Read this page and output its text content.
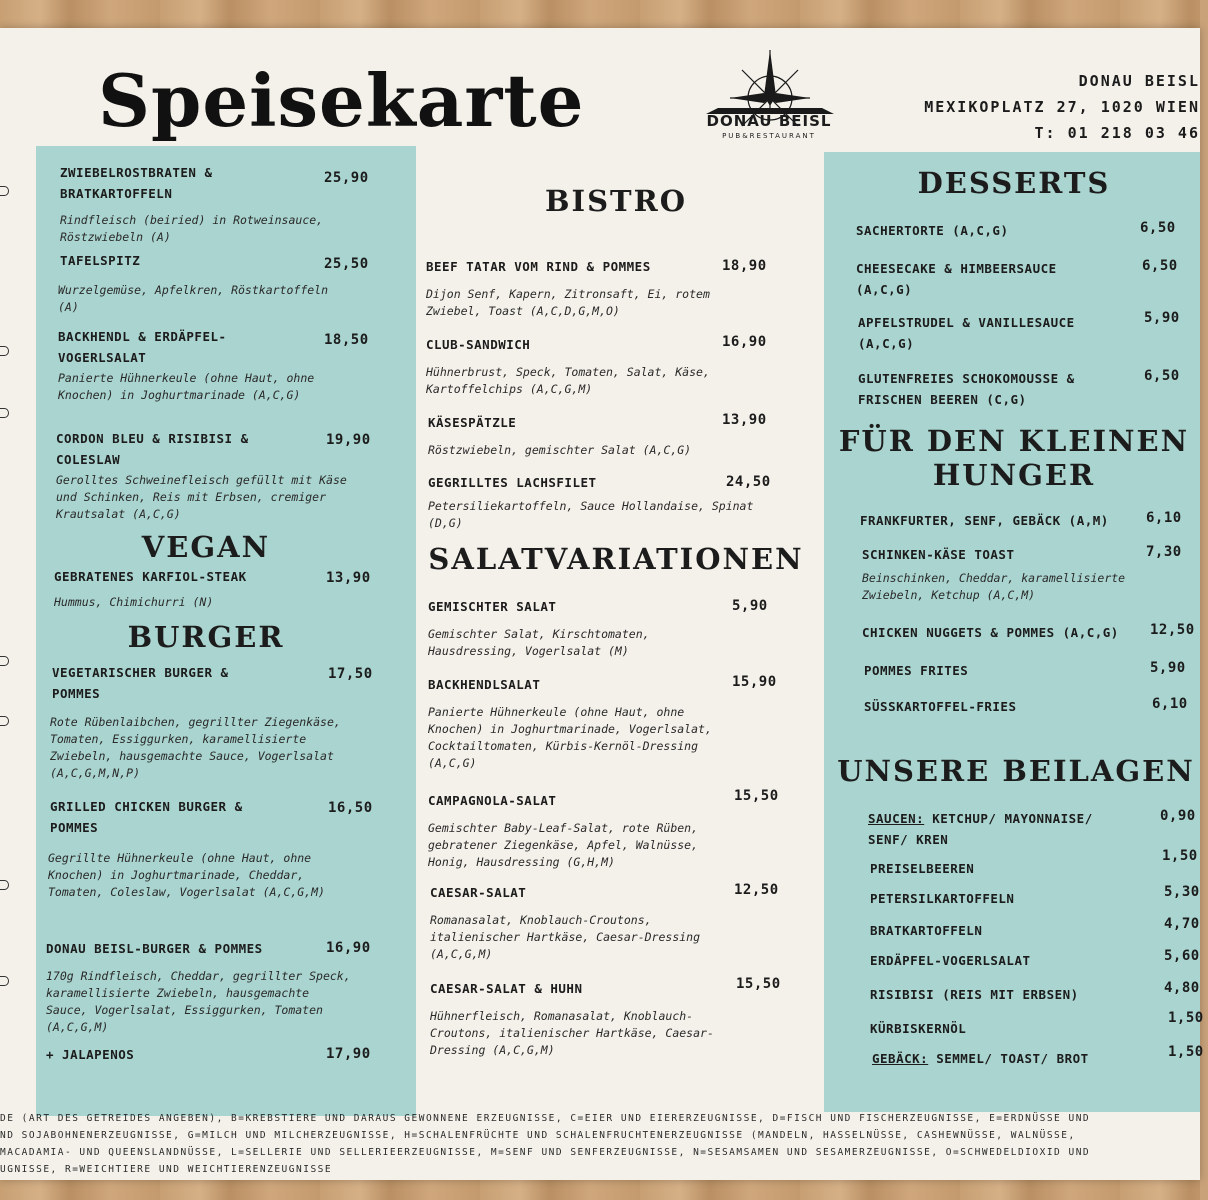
Speisekarte	DONAU BEISL
PUB&RESTAURANT
DONAU BEISL
MEXIKOPLATZ 27, 1020 WIEN
T: 01 218 03 46
ZWIEBELROSTBRATEN &
BRATKARTOFFELN
25,90
Rindfleisch (beiried) in Rotweinsauce,
Röstzwiebeln (A)
TAFELSPITZ	25,50
Wurzelgemüse, Apfelkren, Röstkartoffeln
(A)
BACKHENDL & ERDÄPFEL-
VOGERLSALAT
18,50
Panierte Hühnerkeule (ohne Haut, ohne
Knochen) in Joghurtmarinade (A,C,G)
CORDON BLEU & RISIBISI &
COLESLAW
19,90
Gerolltes Schweinefleisch gefüllt mit Käse
und Schinken, Reis mit Erbsen, cremiger
Krautsalat (A,C,G)
VEGAN
GEBRATENES KARFIOL-STEAK	13,90
Hummus, Chimichurri (N)
BURGER
VEGETARISCHER BURGER &
POMMES
17,50
Rote Rübenlaibchen, gegrillter Ziegenkäse,
Tomaten, Essiggurken, karamellisierte
Zwiebeln, hausgemachte Sauce, Vogerlsalat
(A,C,G,M,N,P)
GRILLED CHICKEN BURGER &
POMMES
16,50
Gegrillte Hühnerkeule (ohne Haut, ohne
Knochen) in Joghurtmarinade, Cheddar,
Tomaten, Coleslaw, Vogerlsalat (A,C,G,M)
DONAU BEISL-BURGER & POMMES	16,90
170g Rindfleisch, Cheddar, gegrillter Speck,
karamellisierte Zwiebeln, hausgemachte
Sauce, Vogerlsalat, Essiggurken, Tomaten
(A,C,G,M)
+ JALAPENOS	17,90
BISTRO
BEEF TATAR VOM RIND & POMMES	18,90
Dijon Senf, Kapern, Zitronsaft, Ei, rotem
Zwiebel, Toast (A,C,D,G,M,O)
CLUB-SANDWICH	16,90
Hühnerbrust, Speck, Tomaten, Salat, Käse,
Kartoffelchips (A,C,G,M)
KÄSESPÄTZLE	13,90
Röstzwiebeln, gemischter Salat (A,C,G)
GEGRILLTES LACHSFILET	24,50
Petersiliekartoffeln, Sauce Hollandaise, Spinat
(D,G)
SALATVARIATIONEN
GEMISCHTER SALAT	5,90
Gemischter Salat, Kirschtomaten,
Hausdressing, Vogerlsalat (M)
BACKHENDLSALAT	15,90
Panierte Hühnerkeule (ohne Haut, ohne
Knochen) in Joghurtmarinade, Vogerlsalat,
Cocktailtomaten, Kürbis-Kernöl-Dressing
(A,C,G)
CAMPAGNOLA-SALAT	15,50
Gemischter Baby-Leaf-Salat, rote Rüben,
gebratener Ziegenkäse, Apfel, Walnüsse,
Honig, Hausdressing (G,H,M)
CAESAR-SALAT	12,50
Romanasalat, Knoblauch-Croutons,
italienischer Hartkäse, Caesar-Dressing
(A,C,G,M)
CAESAR-SALAT & HUHN	15,50
Hühnerfleisch, Romanasalat, Knoblauch-
Croutons, italienischer Hartkäse, Caesar-
Dressing (A,C,G,M)
DESSERTS
SACHERTORTE (A,C,G)	6,50
CHEESECAKE & HIMBEERSAUCE
(A,C,G)
6,50
APFELSTRUDEL & VANILLESAUCE
(A,C,G)
5,90
GLUTENFREIES SCHOKOMOUSSE &
FRISCHEN BEEREN (C,G)
6,50
FÜR DEN KLEINEN
HUNGER
FRANKFURTER, SENF, GEBÄCK (A,M)	6,10
SCHINKEN-KÄSE TOAST	7,30
Beinschinken, Cheddar, karamellisierte
Zwiebeln, Ketchup (A,C,M)
CHICKEN NUGGETS & POMMES (A,C,G) 12,50
POMMES FRITES	5,90
SÜSSKARTOFFEL-FRIES	6,10
UNSERE BEILAGEN
SAUCEN: KETCHUP/ MAYONNAISE/
SENF/ KREN
0,90
PREISELBEEREN
1,50
PETERSILKARTOFFELN	5,30
BRATKARTOFFELN	4,70
ERDÄPFEL-VOGERLSALAT	5,60
RISIBISI (REIS MIT ERBSEN)	4,80
KÜRBISKERNÖL
1,50
GEBÄCK: SEMMEL/ TOAST/ BROT	1,50
DE (ART DES GETREIDES ANGEBEN), B=KREBSTIERE UND DARAUS GEWONNENE ERZEUGNISSE, C=EIER UND EIERERZEUGNISSE, D=FISCH UND FISCHERZEUGNISSE, E=ERDNÜSSE UND
ND SOJABOHNENERZEUGNISSE, G=MILCH UND MILCHERZEUGNISSE, H=SCHALENFRÜCHTE UND SCHALENFRUCHTENERZEUGNISSE (MANDELN, HASSELNÜSSE, CASHEWNÜSSE, WALNÜSSE,
MACADAMIA- UND QUEENSLANDNÜSSE, L=SELLERIE UND SELLERIEERZEUGNISSE, M=SENF UND SENFERZEUGNISSE, N=SESAMSAMEN UND SESAMERZEUGNISSE, O=SCHWEDELDIOXID UND
UGNISSE, R=WEICHTIERE UND WEICHTIERENZEUGNISSE
